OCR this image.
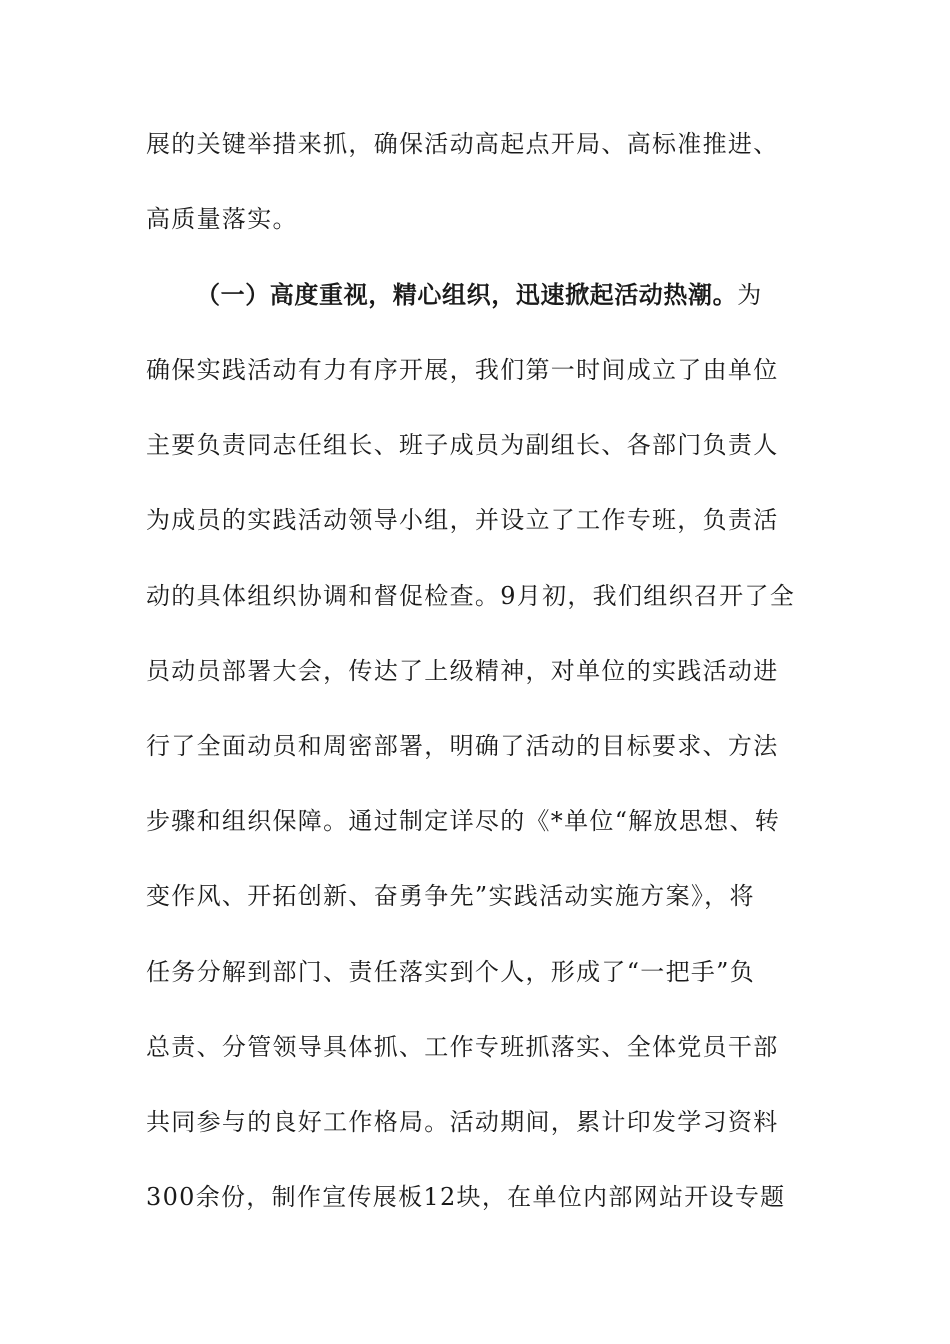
展的关键举措来抓，确保活动高起点开局、高标准推进、
高质量落实。
（一）高度重视，精心组织，迅速掀起活动热潮。为
确保实践活动有力有序开展，我们第一时间成立了由单位
主要负责同志任组长、班子成员为副组长、各部门负责人
为成员的实践活动领导小组，并设立了工作专班，负责活
动的具体组织协调和督促检查。9月初，我们组织召开了全
员动员部署大会，传达了上级精神，对单位的实践活动进
行了全面动员和周密部署，明确了活动的目标要求、方法
步骤和组织保障。通过制定详尽的《*单位“解放思想、转
变作风、开拓创新、奋勇争先”实践活动实施方案》，将
任务分解到部门、责任落实到个人，形成了“一把手”负
总责、分管领导具体抓、工作专班抓落实、全体党员干部
共同参与的良好工作格局。活动期间，累计印发学习资料
300余份，制作宣传展板12块，在单位内部网站开设专题
